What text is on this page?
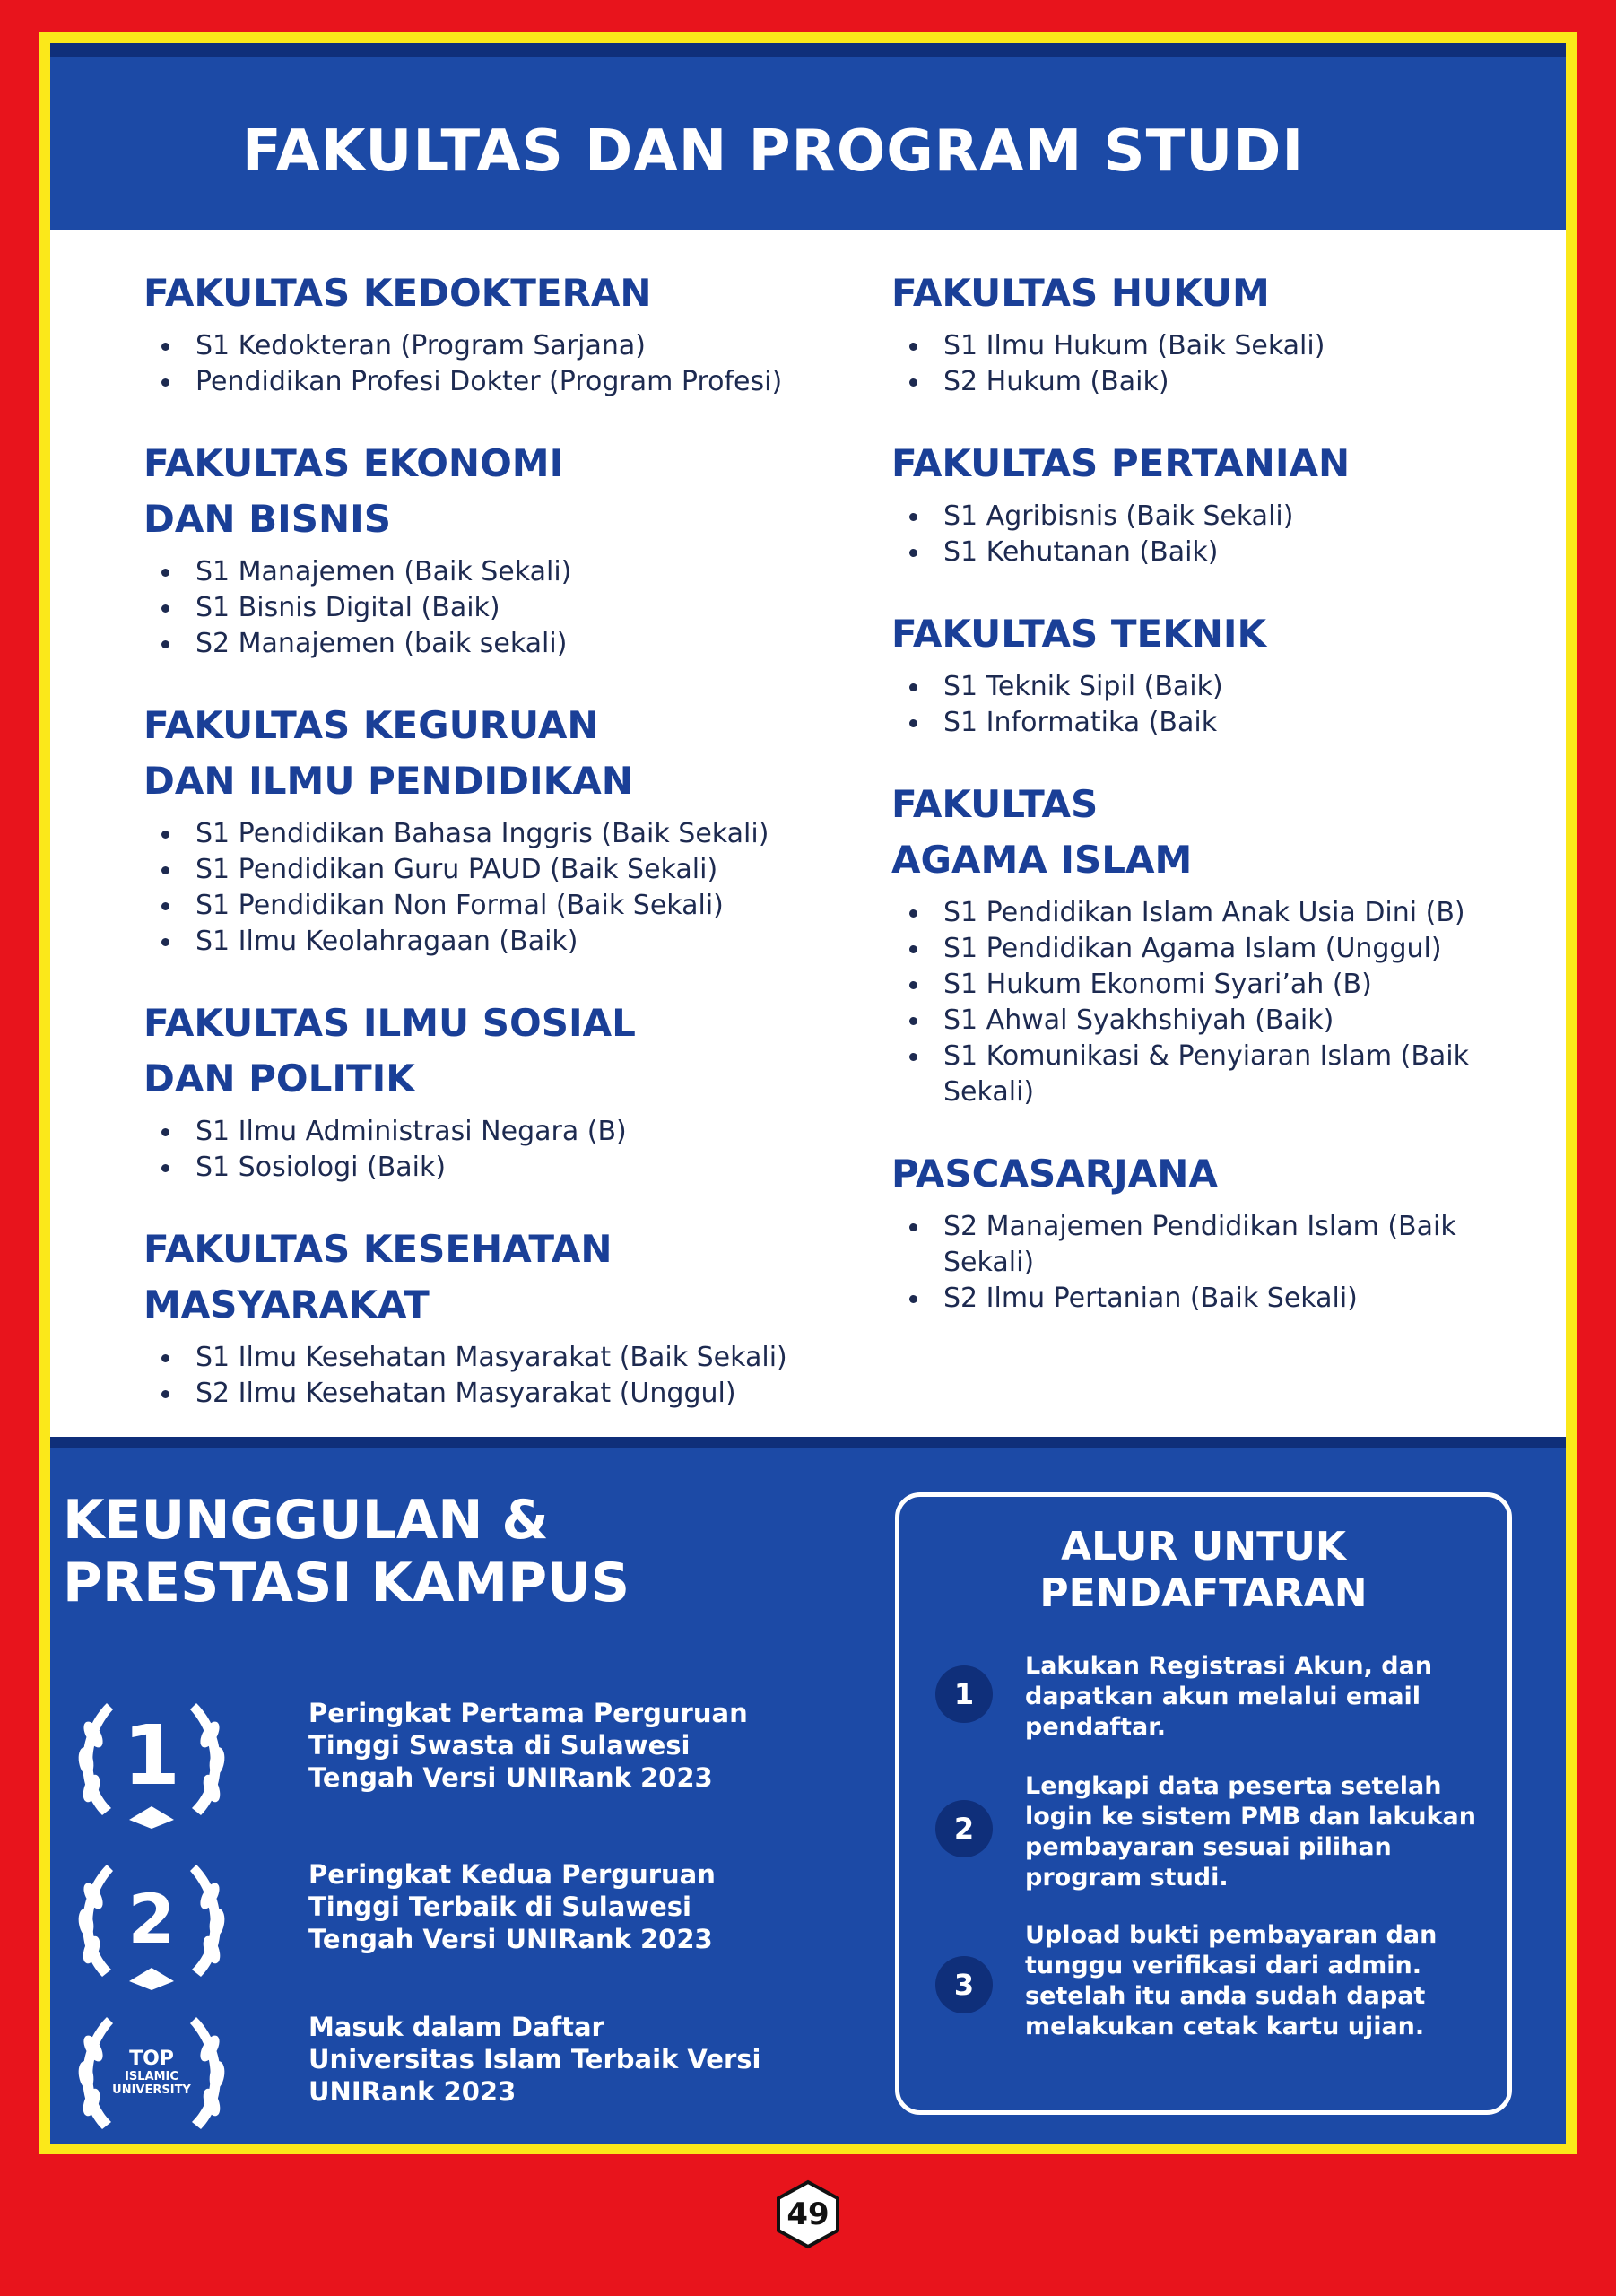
FAKULTAS DAN PROGRAM STUDI
FAKULTAS KEDOKTERAN
S1 Kedokteran (Program Sarjana)
Pendidikan Profesi Dokter (Program Profesi)
FAKULTAS EKONOMI
DAN BISNIS
S1 Manajemen (Baik Sekali)
S1 Bisnis Digital (Baik)
S2 Manajemen (baik sekali)
FAKULTAS KEGURUAN
DAN ILMU PENDIDIKAN
S1 Pendidikan Bahasa Inggris (Baik Sekali)
S1 Pendidikan Guru PAUD (Baik Sekali)
S1 Pendidikan Non Formal (Baik Sekali)
S1 Ilmu Keolahragaan (Baik)
FAKULTAS ILMU SOSIAL
DAN POLITIK
S1 Ilmu Administrasi Negara (B)
S1 Sosiologi (Baik)
FAKULTAS KESEHATAN
MASYARAKAT
S1 Ilmu Kesehatan Masyarakat (Baik Sekali)
S2 Ilmu Kesehatan Masyarakat (Unggul)
FAKULTAS HUKUM
S1 Ilmu Hukum (Baik Sekali)
S2 Hukum (Baik)
FAKULTAS PERTANIAN
S1 Agribisnis (Baik Sekali)
S1 Kehutanan (Baik)
FAKULTAS TEKNIK
S1 Teknik Sipil (Baik)
S1 Informatika (Baik
FAKULTAS
AGAMA ISLAM
S1 Pendidikan Islam Anak Usia Dini (B)
S1 Pendidikan Agama Islam (Unggul)
S1 Hukum Ekonomi Syari’ah (B)
S1 Ahwal Syakhshiyah (Baik)
S1 Komunikasi & Penyiaran Islam (Baik Sekali)
PASCASARJANA
S2 Manajemen Pendidikan Islam (Baik Sekali)
S2 Ilmu Pertanian (Baik Sekali)
KEUNGGULAN &
PRESTASI KAMPUS
1	Peringkat Pertama Perguruan Tinggi Swasta di Sulawesi Tengah Versi UNIRank 2023
2
Peringkat Kedua Perguruan Tinggi Terbaik di Sulawesi Tengah Versi UNIRank 2023
TOP
ISLAMIC
UNIVERSITY
Masuk dalam Daftar Universitas Islam Terbaik Versi UNIRank 2023
ALUR UNTUK
PENDAFTARAN
1
Lakukan Registrasi Akun, dan dapatkan akun melalui email pendaftar.
2
Lengkapi data peserta setelah login ke sistem PMB dan lakukan pembayaran sesuai pilihan program studi.
3
Upload bukti pembayaran dan tunggu verifikasi dari admin. setelah itu anda sudah dapat melakukan cetak kartu ujian.
49
